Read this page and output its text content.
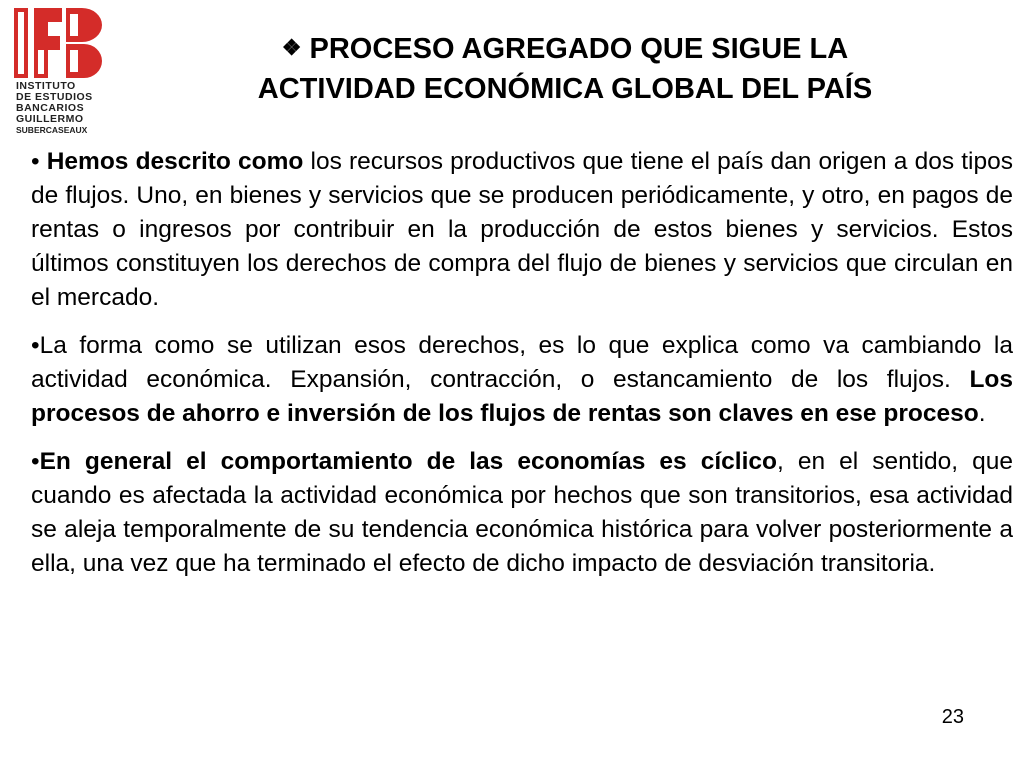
INSTITUTO
DE ESTUDIOS
BANCARIOS
GUILLERMO
SUBERCASEAUX
❖ PROCESO AGREGADO QUE SIGUE LA
ACTIVIDAD ECONÓMICA GLOBAL DEL PAÍS

• Hemos descrito como los recursos productivos que tiene el país dan origen a dos tipos de flujos. Uno, en bienes y servicios que se producen periódicamente, y otro, en pagos de rentas o ingresos por contribuir en la producción de estos bienes y servicios. Estos últimos constituyen los derechos de compra del flujo de bienes y servicios que circulan en el mercado.

•La forma como se utilizan esos derechos, es lo que explica como va cambiando la actividad económica. Expansión, contracción, o estancamiento de los flujos. Los procesos de ahorro e inversión de los flujos de rentas son claves en ese proceso.

•En general el comportamiento de las economías es cíclico, en el sentido, que cuando es afectada la actividad económica por hechos que son transitorios, esa actividad se aleja temporalmente de su tendencia económica histórica para volver posteriormente a ella, una vez que ha terminado el efecto de dicho impacto de desviación transitoria.

23
